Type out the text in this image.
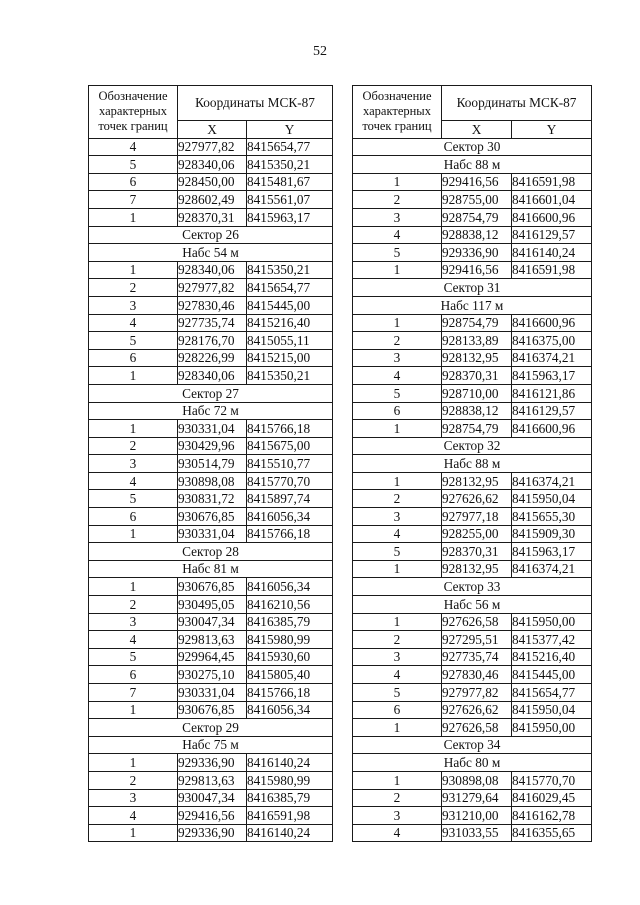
52
Обозначение характерных точек границ	Координаты МСК-87	
	X	Y
4	927977,82	8415654,77
5	928340,06	8415350,21
6	928450,00	8415481,67
7	928602,49	8415561,07
1	928370,31	8415963,17
Сектор 26		
Набс 54 м		
1	928340,06	8415350,21
2	927977,82	8415654,77
3	927830,46	8415445,00
4	927735,74	8415216,40
5	928176,70	8415055,11
6	928226,99	8415215,00
1	928340,06	8415350,21
Сектор 27		
Набс 72 м		
1	930331,04	8415766,18
2	930429,96	8415675,00
3	930514,79	8415510,77
4	930898,08	8415770,70
5	930831,72	8415897,74
6	930676,85	8416056,34
1	930331,04	8415766,18
Сектор 28		
Набс 81 м		
1	930676,85	8416056,34
2	930495,05	8416210,56
3	930047,34	8416385,79
4	929813,63	8415980,99
5	929964,45	8415930,60
6	930275,10	8415805,40
7	930331,04	8415766,18
1	930676,85	8416056,34
Сектор 29		
Набс 75 м		
1	929336,90	8416140,24
2	929813,63	8415980,99
3	930047,34	8416385,79
4	929416,56	8416591,98
1	929336,90	8416140,24
Обозначение характерных точек границ	Координаты МСК-87	
	X	Y
Сектор 30		
Набс 88 м		
1	929416,56	8416591,98
2	928755,00	8416601,04
3	928754,79	8416600,96
4	928838,12	8416129,57
5	929336,90	8416140,24
1	929416,56	8416591,98
Сектор 31		
Набс 117 м		
1	928754,79	8416600,96
2	928133,89	8416375,00
3	928132,95	8416374,21
4	928370,31	8415963,17
5	928710,00	8416121,86
6	928838,12	8416129,57
1	928754,79	8416600,96
Сектор 32		
Набс 88 м		
1	928132,95	8416374,21
2	927626,62	8415950,04
3	927977,18	8415655,30
4	928255,00	8415909,30
5	928370,31	8415963,17
1	928132,95	8416374,21
Сектор 33		
Набс 56 м		
1	927626,58	8415950,00
2	927295,51	8415377,42
3	927735,74	8415216,40
4	927830,46	8415445,00
5	927977,82	8415654,77
6	927626,62	8415950,04
1	927626,58	8415950,00
Сектор 34		
Набс 80 м		
1	930898,08	8415770,70
2	931279,64	8416029,45
3	931210,00	8416162,78
4	931033,55	8416355,65
